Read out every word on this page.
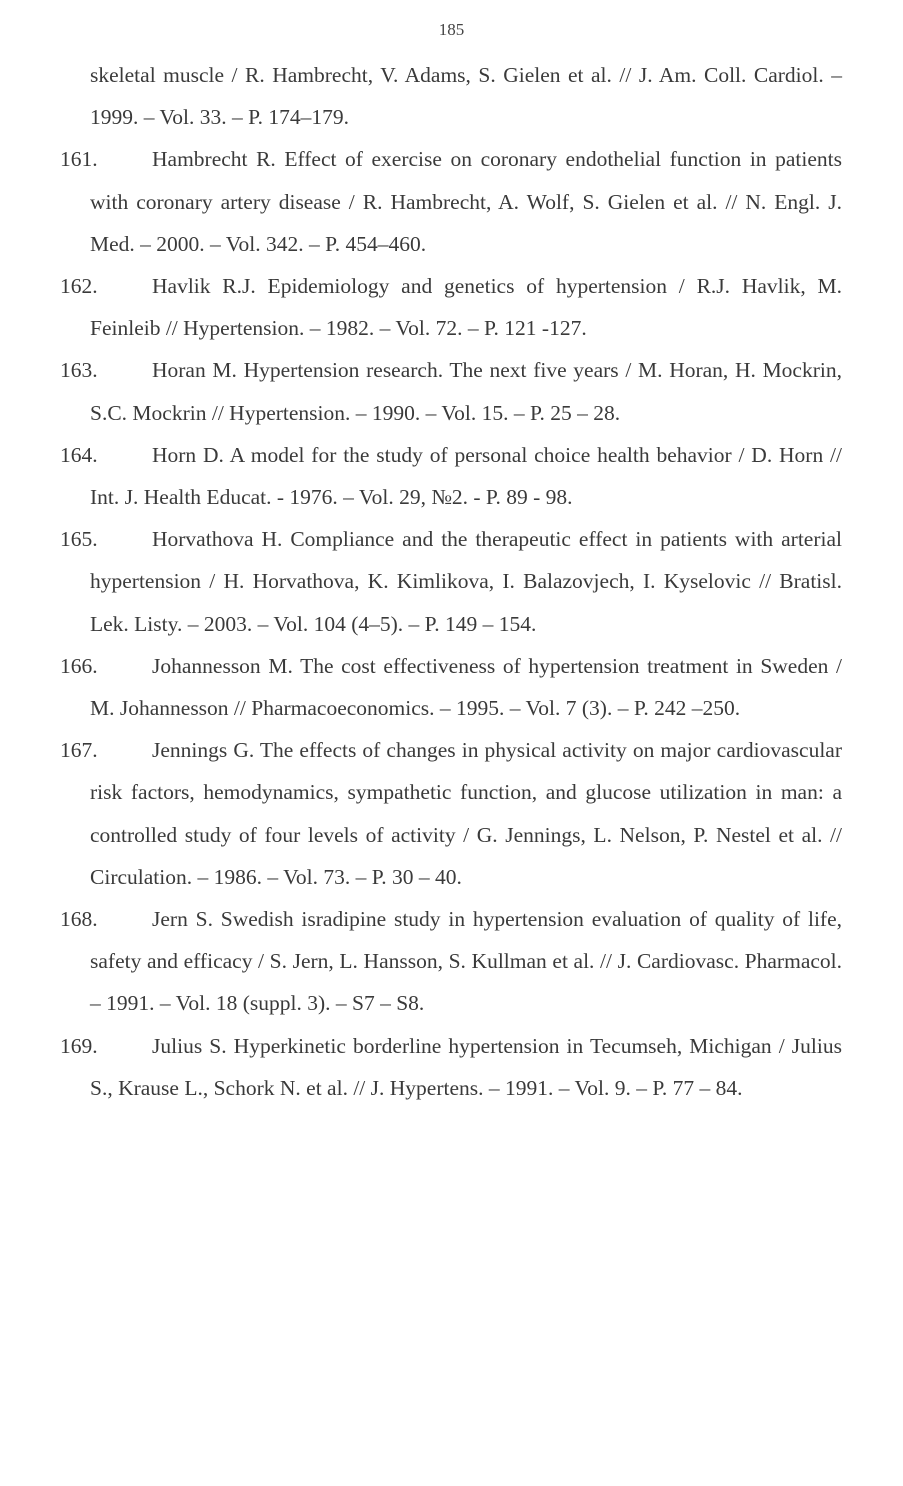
185
skeletal muscle / R. Hambrecht, V. Adams, S. Gielen et al. // J. Am. Coll. Cardiol. – 1999. – Vol. 33. – P. 174–179.
161.	Hambrecht R. Effect of exercise on coronary endothelial function in patients with coronary artery disease / R. Hambrecht, A. Wolf, S. Gielen et al. // N. Engl. J. Med. – 2000. – Vol. 342. – P. 454–460.
162.	Havlik R.J. Epidemiology and genetics of hypertension / R.J. Havlik, M. Feinleib // Hypertension. – 1982. – Vol. 72. – P. 121 -127.
163.	Horan M. Hypertension research. The next five years / M. Horan, H. Mockrin, S.C. Mockrin // Hypertension. – 1990. – Vol. 15. – P. 25 – 28.
164.	Horn D. A model for the study of personal choice health behavior / D. Horn // Int. J. Health Educat. - 1976. – Vol. 29, №2. - P. 89 - 98.
165.	Horvathova H. Compliance and the therapeutic effect in patients with arterial hypertension / H. Horvathova, K. Kimlikova, I. Balazovjech, I. Kyselovic // Bratisl. Lek. Listy. – 2003. – Vol. 104 (4–5). – P. 149 – 154.
166.	Johannesson M. The cost effectiveness of hypertension treatment in Sweden / M. Johannesson // Pharmacoeconomics. – 1995. – Vol. 7 (3). – P. 242 –250.
167.	Jennings G. The effects of changes in physical activity on major cardiovascular risk factors, hemodynamics, sympathetic function, and glucose utilization in man: a controlled study of four levels of activity / G. Jennings, L. Nelson, P. Nestel et al. // Circulation. – 1986. – Vol. 73. – P. 30 – 40.
168.	Jern S. Swedish isradipine study in hypertension evaluation of quality of life, safety and efficacy / S. Jern, L. Hansson, S. Kullman et al. // J. Cardiovasc. Pharmacol. – 1991. – Vol. 18 (suppl. 3). – S7 – S8.
169.	Julius S. Hyperkinetic borderline hypertension in Tecumseh, Michigan / Julius S., Krause L., Schork N. et al. // J. Hypertens. – 1991. – Vol. 9. – P. 77 – 84.
